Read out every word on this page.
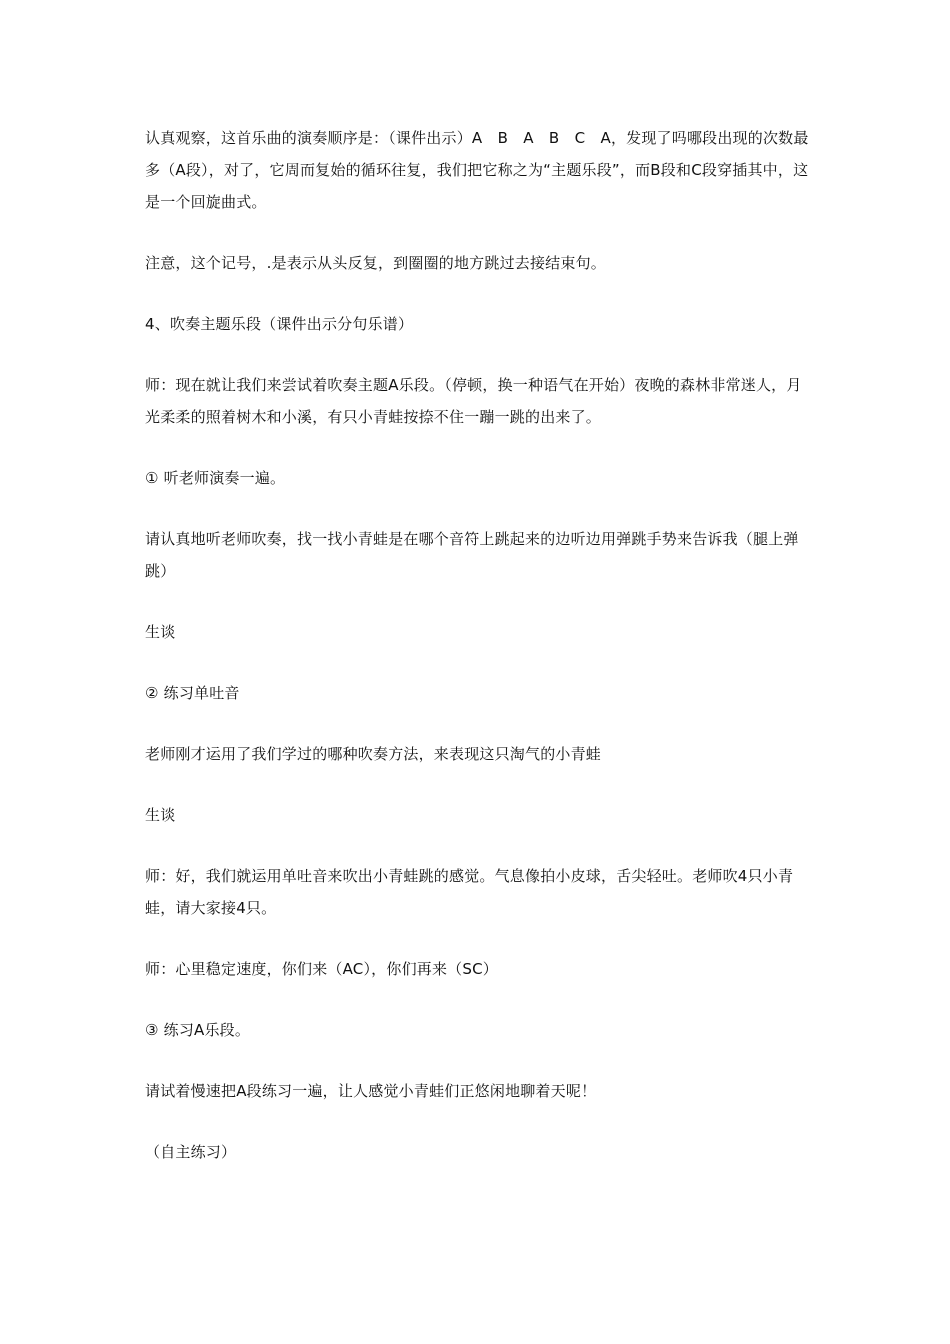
认真观察，这首乐曲的演奏顺序是：（课件出示）A　B　A　B　C　A，发现了吗哪段出现的次数最多（A段），对了，它周而复始的循环往复，我们把它称之为“主题乐段”，而B段和C段穿插其中，这是一个回旋曲式。

注意，这个记号，.是表示从头反复，到圈圈的地方跳过去接结束句。

4、吹奏主题乐段（课件出示分句乐谱）

师：现在就让我们来尝试着吹奏主题A乐段。（停顿，换一种语气在开始）夜晚的森林非常迷人，月光柔柔的照着树木和小溪，有只小青蛙按捺不住一蹦一跳的出来了。

① 听老师演奏一遍。

请认真地听老师吹奏，找一找小青蛙是在哪个音符上跳起来的边听边用弹跳手势来告诉我（腿上弹跳）

生谈

② 练习单吐音

老师刚才运用了我们学过的哪种吹奏方法，来表现这只淘气的小青蛙

生谈

师：好，我们就运用单吐音来吹出小青蛙跳的感觉。气息像拍小皮球，舌尖轻吐。老师吹4只小青蛙，请大家接4只。

师：心里稳定速度，你们来（AC），你们再来（SC）

③ 练习A乐段。

请试着慢速把A段练习一遍，让人感觉小青蛙们正悠闲地聊着天呢！

（自主练习）
